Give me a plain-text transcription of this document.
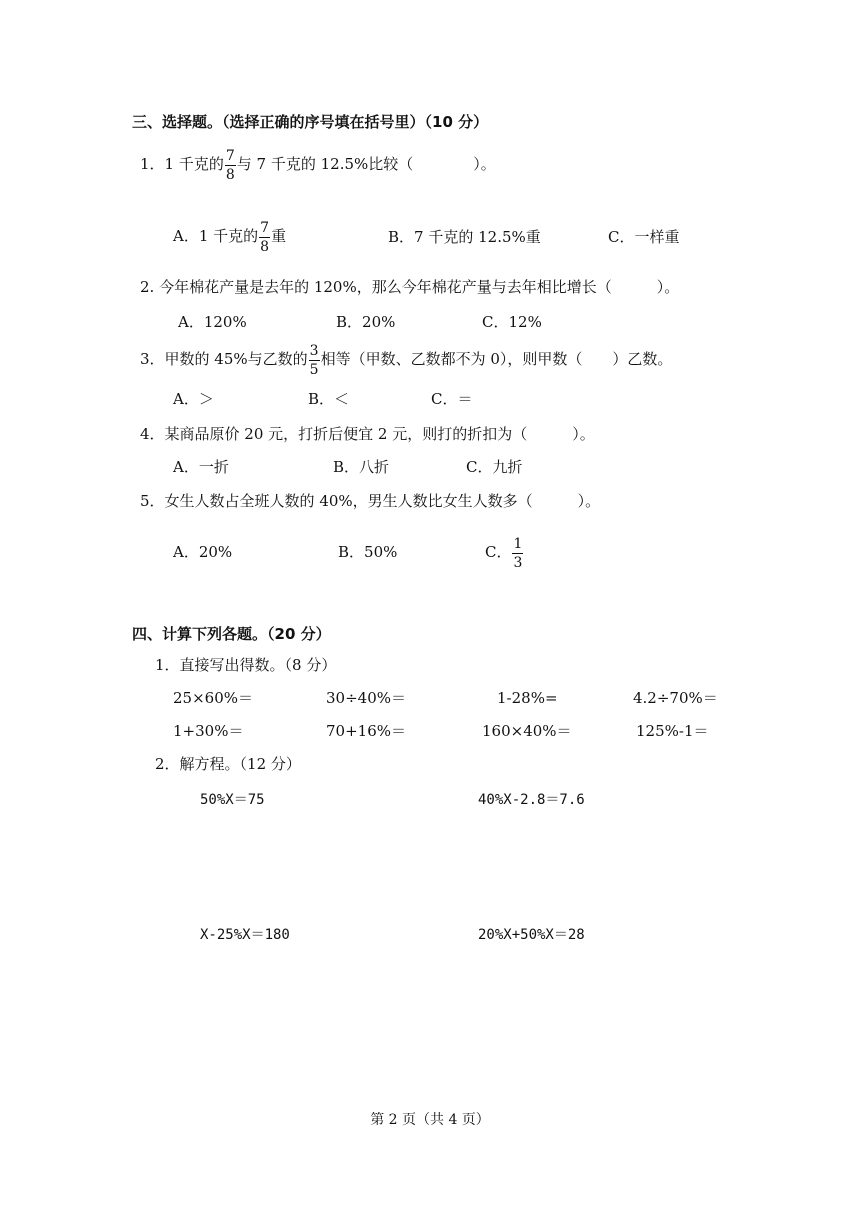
三、选择题。（选择正确的序号填在括号里）（10 分）
1．1 千克的 $\frac{7}{8}$ 与 7 千克的 12.5%比较（　　　　）。
A．1 千克的 $\frac{7}{8}$ 重	B．7 千克的 12.5%重	C．一样重
2. 今年棉花产量是去年的 120%，那么今年棉花产量与去年相比增长（　　　）。
A．120%	B．20%	C．12%
3．甲数的 45%与乙数的 $\frac{3}{5}$ 相等（甲数、乙数都不为 0），则甲数（　　）乙数。
A．＞	B．＜	C．＝
4．某商品原价 20 元，打折后便宜 2 元，则打的折扣为（　　　）。
A．一折	B．八折	C．九折
5．女生人数占全班人数的 40%，男生人数比女生人数多（　　　）。
A．20%	B．50%	C． $\frac{1}{3}$
四、计算下列各题。（20 分）
1．直接写出得数。（8 分）
25×60%＝	30÷40%＝	1-28%=	4.2÷70%＝
1+30%＝	70+16%＝	160×40%＝	125%-1＝
2．解方程。（12 分）
50%X＝75	40%X-2.8＝7.6
X-25%X＝180	20%X+50%X＝28
第 2 页（共 4 页）
